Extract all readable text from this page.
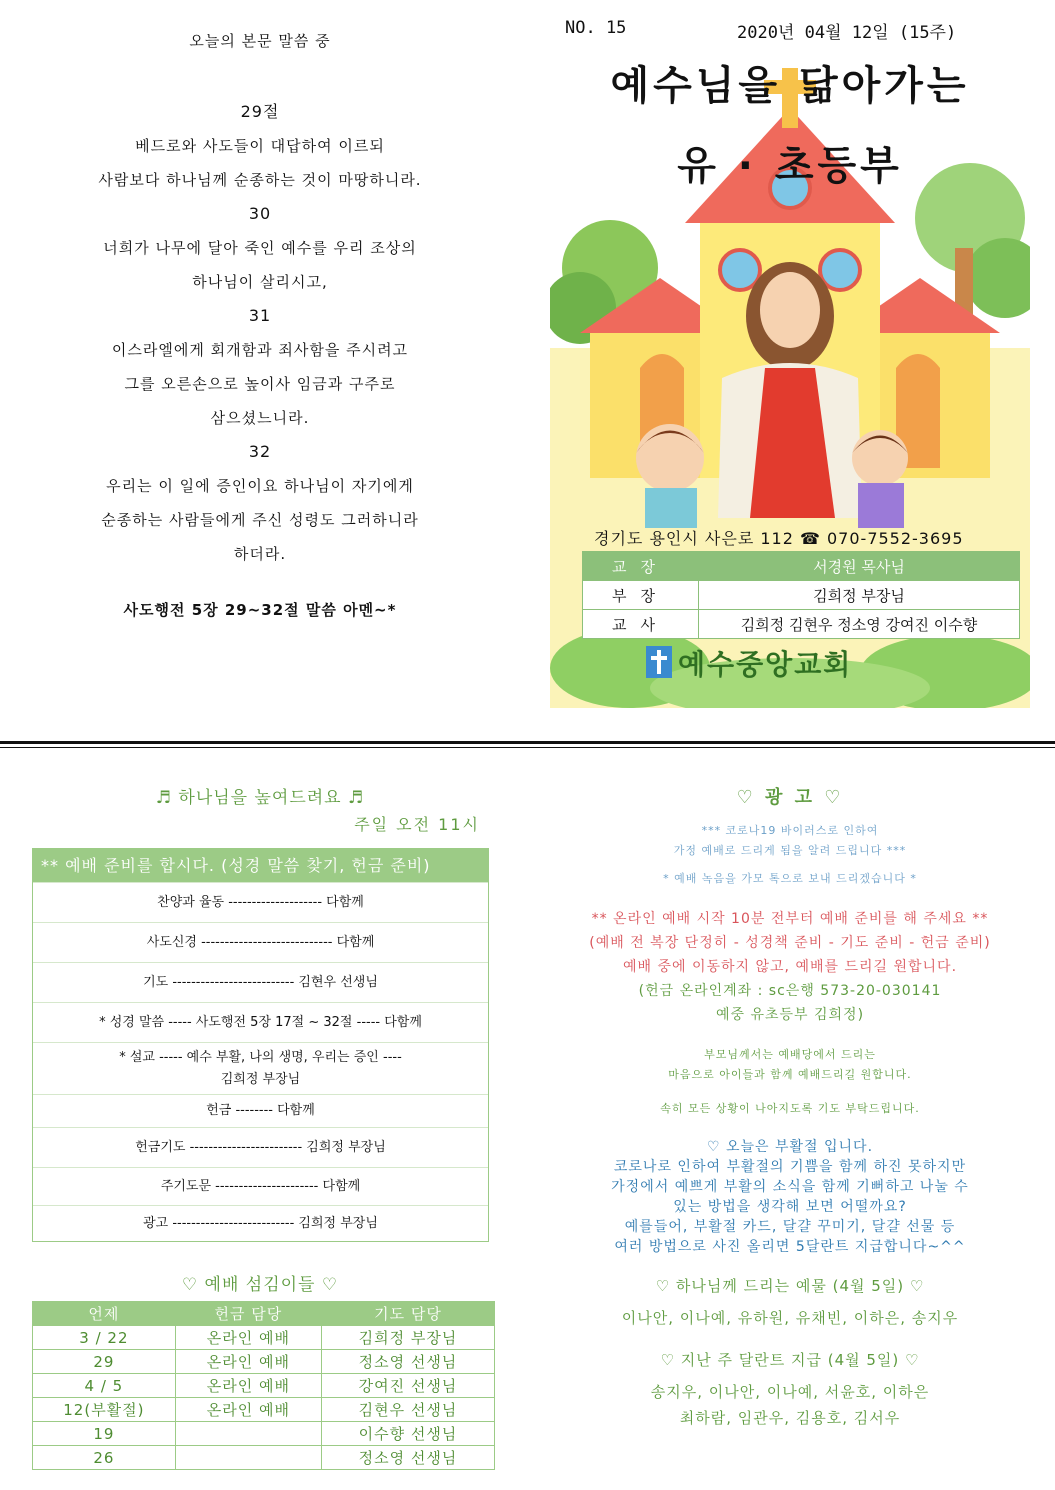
오늘의 본문 말씀 중
29절
베드로와 사도들이 대답하여 이르되
사람보다 하나님께 순종하는 것이 마땅하니라.
30
너희가 나무에 달아 죽인 예수를 우리 조상의
하나님이 살리시고,
31
이스라엘에게 회개함과 죄사함을 주시려고
그를 오른손으로 높이사 임금과 구주로
삼으셨느니라.
32
우리는 이 일에 증인이요 하나님이 자기에게
순종하는 사람들에게 주신 성령도 그러하니라
하더라.
사도행전 5장 29~32절 말씀 아멘~*
NO. 15	2020년 04월 12일 (15주)
예수님을 닮아가는
유 · 초등부
경기도 용인시 사은로 112 ☎ 070-7552-3695
교장	서경원 목사님
부장	김희정 부장님
교사	김희정 김현우 정소영 강여진 이수향
예수중앙교회
♬ 하나님을 높여드려요 ♬
주일 오전 11시
** 예배 준비를 합시다. (성경 말씀 찾기, 헌금 준비)
찬양과 율동 -------------------- 다함께
사도신경 ---------------------------- 다함께
기도 -------------------------- 김현우 선생님
* 성경 말씀 ----- 사도행전 5장 17절 ~ 32절 ----- 다함께
* 설교 ----- 예수 부활, 나의 생명, 우리는 증인 ----
김희정 부장님
헌금 -------- 다함께
헌금기도 ------------------------ 김희정 부장님
주기도문 ---------------------- 다함께
광고 -------------------------- 김희정 부장님
♡ 예배 섬김이들 ♡
언제	헌금 담당	기도 담당
3 / 22	온라인 예배	김희정 부장님
29	온라인 예배	정소영 선생님
4 / 5	온라인 예배	강여진 선생님
12(부활절)	온라인 예배	김현우 선생님
19		이수향 선생님
26		정소영 선생님
♡ 광 고 ♡
*** 코로나19 바이러스로 인하여
가정 예배로 드리게 됨을 알려 드립니다 ***
* 예배 녹음을 가모 톡으로 보내 드리겠습니다 *
** 온라인 예배 시작 10분 전부터 예배 준비를 해 주세요 **
(예배 전 복장 단정히 - 성경책 준비 - 기도 준비 - 헌금 준비)
예배 중에 이동하지 않고, 예배를 드리길 원합니다.
(헌금 온라인계좌 : sc은행 573-20-030141
예중 유초등부 김희정)
부모님께서는 예배당에서 드리는
마음으로 아이들과 함께 예배드리길 원합니다.
속히 모든 상황이 나아지도록 기도 부탁드립니다.
♡ 오늘은 부활절 입니다.
코로나로 인하여 부활절의 기쁨을 함께 하진 못하지만
가정에서 예쁘게 부활의 소식을 함께 기뻐하고 나눌 수
있는 방법을 생각해 보면 어떨까요?
예를들어, 부활절 카드, 달걀 꾸미기, 달걀 선물 등
여러 방법으로 사진 올리면 5달란트 지급합니다~^^
♡ 하나님께 드리는 예물 (4월 5일) ♡
이나안, 이나예, 유하원, 유채빈, 이하은, 송지우
♡ 지난 주 달란트 지급 (4월 5일) ♡
송지우, 이나안, 이나예, 서윤호, 이하은
최하람, 임관우, 김용호, 김서우
